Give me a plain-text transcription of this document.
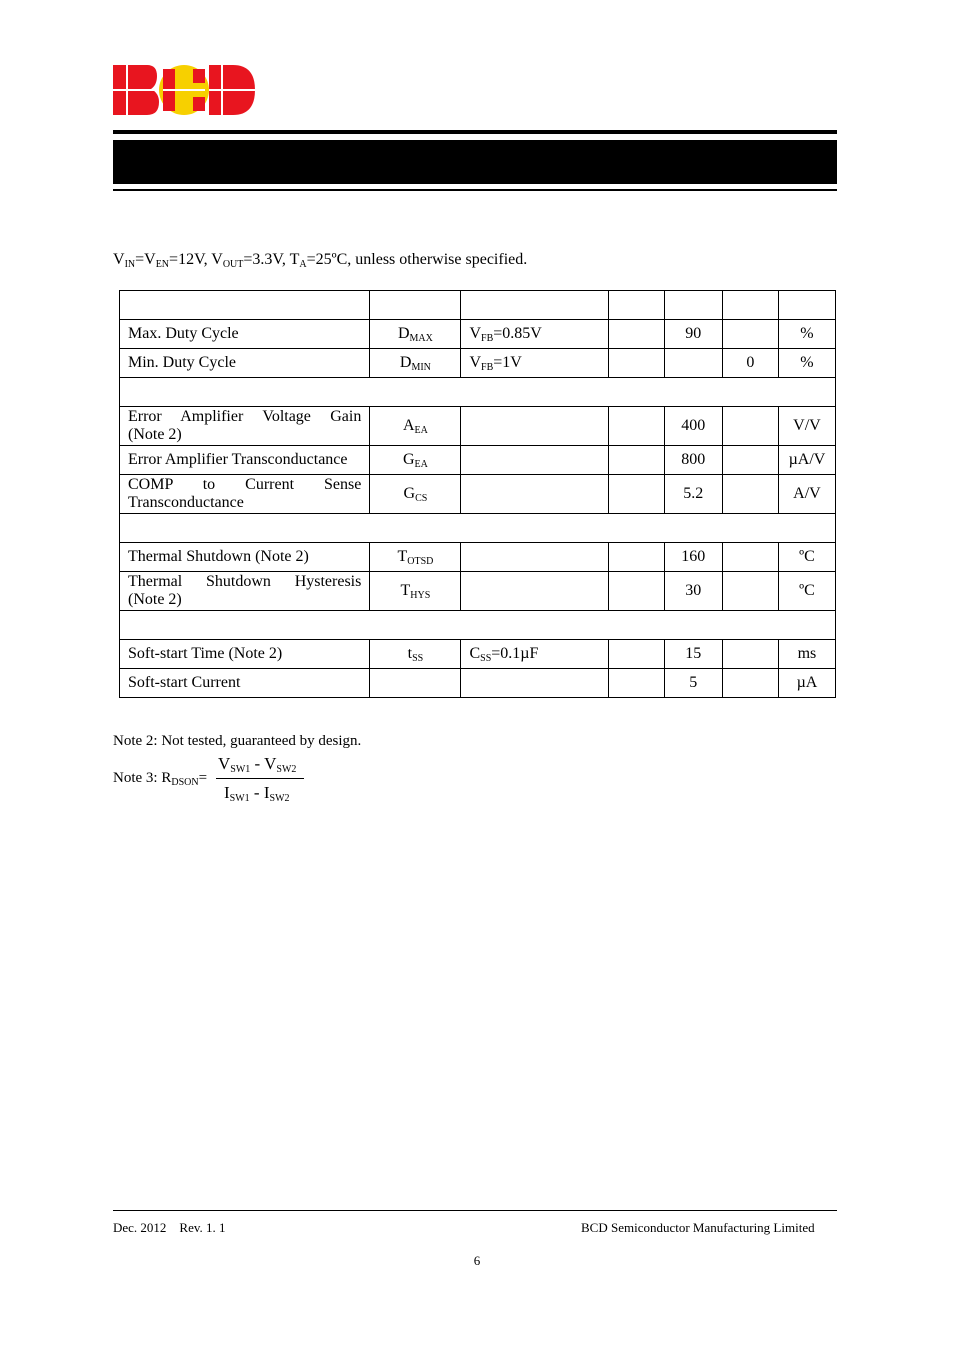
$V_{IN}=V_{EN}=12V$, $V_{OUT}=3.3V$, $T_A=25ºC$, unless otherwise specified.

Max. Duty Cycle	$D_{MAX}$	$V_{FB}=0.85V$		90		%
Min. Duty Cycle	$D_{MIN}$	$V_{FB}=1V$			0	%

Error Amplifier Voltage Gain
(Note 2)	$A_{EA}$			400		V/V
Error Amplifier Transconductance	$G_{EA}$			800		µA/V
COMP to Current Sense
Transconductance	$G_{CS}$			5.2		A/V

Thermal Shutdown (Note 2)	$T_{OTSD}$			160		ºC
Thermal Shutdown Hysteresis
(Note 2)	$T_{HYS}$			30		ºC

Soft-start Time (Note 2)	$t_{SS}$	$C_{SS}=0.1\mu F$		15		ms
Soft-start Current				5		µA
Note 2: Not tested, guaranteed by design.
Note 3: $R_{DSON}=$
$V_{SW1} - V_{SW2}$
$I_{SW1} - I_{SW2}$
Dec. 2012    Rev. 1. 1	BCD Semiconductor Manufacturing Limited
6
